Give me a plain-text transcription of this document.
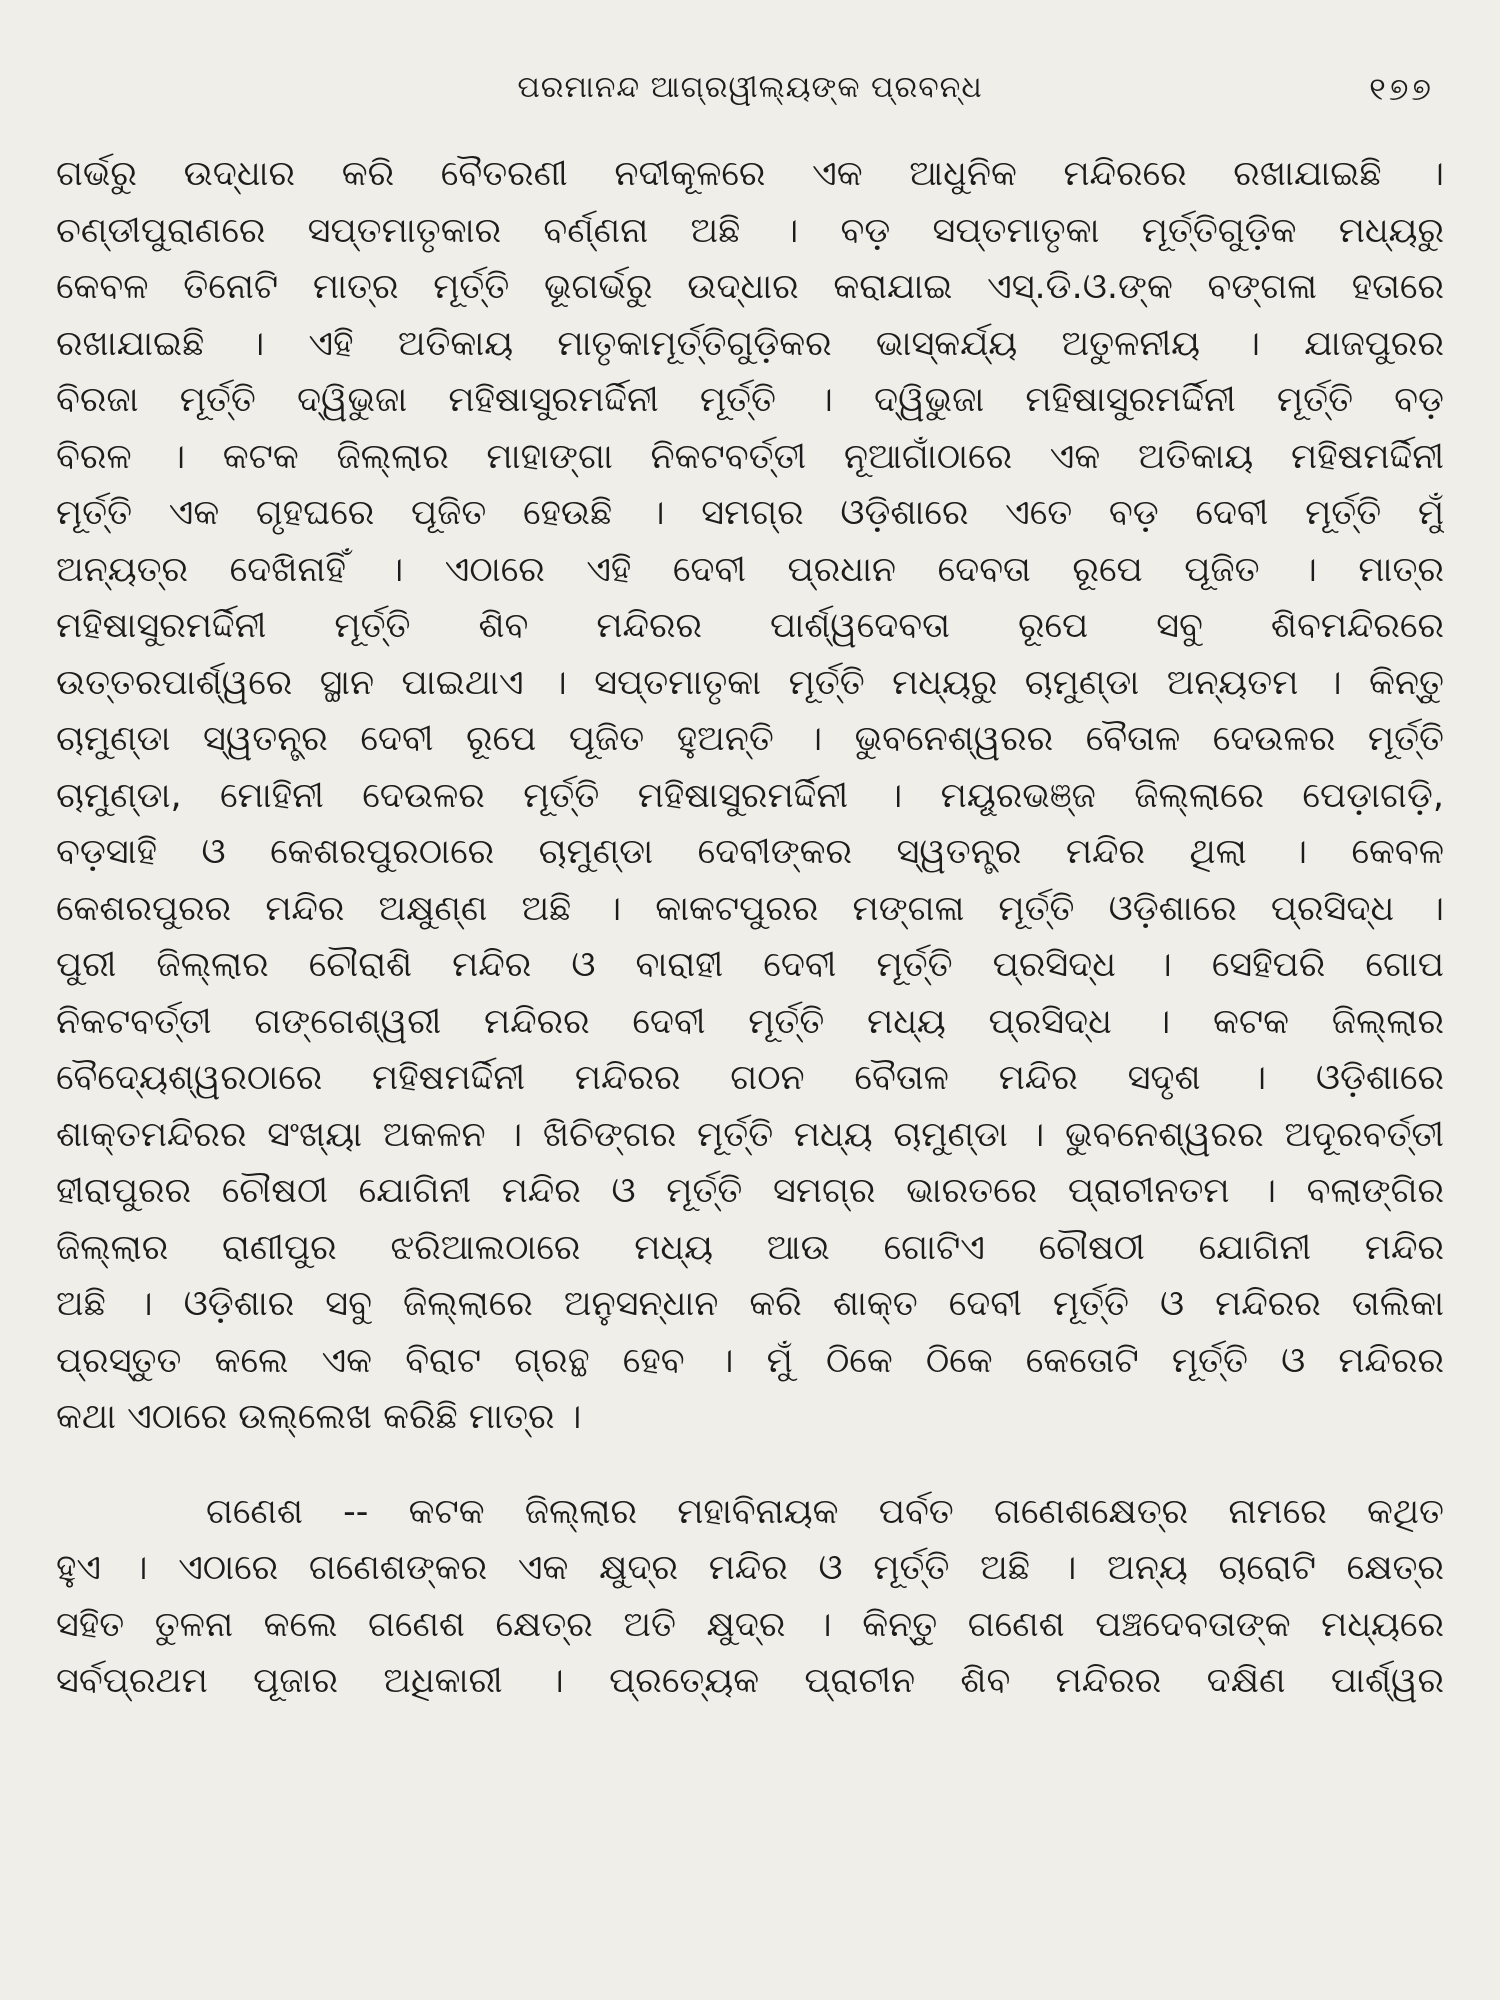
ପରମାନନ୍ଦ ଆଗ୍ରୱୀଲ୍ୟଙ୍କ ପ୍ରବନ୍ଧ	୧୭୭
ଗର୍ଭରୁ ଉଦ୍ଧାର କରି ବୈତରଣୀ ନଦୀକୂଳରେ ଏକ ଆଧୁନିକ ମନ୍ଦିରରେ ରଖାଯାଇଛି ।
ଚଣ୍ଡୀପୁରାଣରେ ସପ୍ତମାତୃକାର ବର୍ଣ୍ଣନା ଅଛି । ବଡ଼ ସପ୍ତମାତୃକା ମୂର୍ତ୍ତିଗୁଡ଼ିକ ମଧ୍ୟରୁ
କେବଳ ତିନୋଟି ମାତ୍ର ମୂର୍ତ୍ତି ଭୂଗର୍ଭରୁ ଉଦ୍ଧାର କରାଯାଇ ଏସ୍.ଡି.ଓ.ଙ୍କ ବଙ୍ଗଳା ହତାରେ
ରଖାଯାଇଛି । ଏହି ଅତିକାୟ ମାତୃକାମୂର୍ତ୍ତିଗୁଡ଼ିକର ଭାସ୍କର୍ଯ୍ୟ ଅତୁଳନୀୟ । ଯାଜପୁରର
ବିରଜା ମୂର୍ତ୍ତି ଦ୍ୱିଭୁଜା ମହିଷାସୁରମର୍ଦ୍ଦିନୀ ମୂର୍ତ୍ତି । ଦ୍ୱିଭୁଜା ମହିଷାସୁରମର୍ଦ୍ଦିନୀ ମୂର୍ତ୍ତି ବଡ଼
ବିରଳ । କଟକ ଜିଲ୍ଲାର ମାହାଙ୍ଗା ନିକଟବର୍ତ୍ତୀ ନୂଆଗାଁଠାରେ ଏକ ଅତିକାୟ ମହିଷମର୍ଦ୍ଦିନୀ
ମୂର୍ତ୍ତି ଏକ ଗୃହଘରେ ପୂଜିତ ହେଉଛି । ସମଗ୍ର ଓଡ଼ିଶାରେ ଏତେ ବଡ଼ ଦେବୀ ମୂର୍ତ୍ତି ମୁଁ
ଅନ୍ୟତ୍ର ଦେଖିନାହିଁ । ଏଠାରେ ଏହି ଦେବୀ ପ୍ରଧାନ ଦେବତା ରୂପେ ପୂଜିତ । ମାତ୍ର
ମହିଷାସୁରମର୍ଦ୍ଦିନୀ ମୂର୍ତ୍ତି ଶିବ ମନ୍ଦିରର ପାର୍ଶ୍ୱଦେବତା ରୂପେ ସବୁ ଶିବମନ୍ଦିରରେ
ଉତ୍ତରପାର୍ଶ୍ୱରେ ସ୍ଥାନ ପାଇଥାଏ । ସପ୍ତମାତୃକା ମୂର୍ତ୍ତି ମଧ୍ୟରୁ ଚାମୁଣ୍ଡା ଅନ୍ୟତମ । କିନ୍ତୁ
ଚାମୁଣ୍ଡା ସ୍ୱତନ୍ତ୍ର ଦେବୀ ରୂପେ ପୂଜିତ ହୁଅନ୍ତି । ଭୁବନେଶ୍ୱରର ବୈତାଳ ଦେଉଳର ମୂର୍ତ୍ତି
ଚାମୁଣ୍ଡା, ମୋହିନୀ ଦେଉଳର ମୂର୍ତ୍ତି ମହିଷାସୁରମର୍ଦ୍ଦିନୀ । ମୟୂରଭଞ୍ଜ ଜିଲ୍ଲାରେ ପେଡ଼ାଗଡ଼ି,
ବଡ଼ସାହି ଓ କେଶରପୁରଠାରେ ଚାମୁଣ୍ଡା ଦେବୀଙ୍କର ସ୍ୱତନ୍ତ୍ର ମନ୍ଦିର ଥିଲା । କେବଳ
କେଶରପୁରର ମନ୍ଦିର ଅକ୍ଷୁଣ୍ଣ ଅଛି । କାକଟପୁରର ମଙ୍ଗଳା ମୂର୍ତ୍ତି ଓଡ଼ିଶାରେ ପ୍ରସିଦ୍ଧ ।
ପୁରୀ ଜିଲ୍ଲାର ଚୌରାଶି ମନ୍ଦିର ଓ ବାରାହୀ ଦେବୀ ମୂର୍ତ୍ତି ପ୍ରସିଦ୍ଧ । ସେହିପରି ଗୋପ
ନିକଟବର୍ତ୍ତୀ ଗଙ୍ଗେଶ୍ୱରୀ ମନ୍ଦିରର ଦେବୀ ମୂର୍ତ୍ତି ମଧ୍ୟ ପ୍ରସିଦ୍ଧ । କଟକ ଜିଲ୍ଲାର
ବୈଦ୍ୟେଶ୍ୱରଠାରେ ମହିଷମର୍ଦ୍ଦିନୀ ମନ୍ଦିରର ଗଠନ ବୈତାଳ ମନ୍ଦିର ସଦୃଶ । ଓଡ଼ିଶାରେ
ଶାକ୍ତମନ୍ଦିରର ସଂଖ୍ୟା ଅକଳନ । ଖିଚିଙ୍ଗର ମୂର୍ତ୍ତି ମଧ୍ୟ ଚାମୁଣ୍ଡା । ଭୁବନେଶ୍ୱରର ଅଦୂରବର୍ତ୍ତୀ
ହୀରାପୁରର ଚୌଷଠୀ ଯୋଗିନୀ ମନ୍ଦିର ଓ ମୂର୍ତ୍ତି ସମଗ୍ର ଭାରତରେ ପ୍ରାଚୀନତମ । ବଲାଙ୍ଗିର
ଜିଲ୍ଲାର ରାଣୀପୁର ଝରିଆଲଠାରେ ମଧ୍ୟ ଆଉ ଗୋଟିଏ ଚୌଷଠୀ ଯୋଗିନୀ ମନ୍ଦିର
ଅଛି । ଓଡ଼ିଶାର ସବୁ ଜିଲ୍ଲାରେ ଅନୁସନ୍ଧାନ କରି ଶାକ୍ତ ଦେବୀ ମୂର୍ତ୍ତି ଓ ମନ୍ଦିରର ତାଲିକା
ପ୍ରସ୍ତୁତ କଲେ ଏକ ବିରାଟ ଗ୍ରନ୍ଥ ହେବ । ମୁଁ ଠିକେ ଠିକେ କେତୋଟି ମୂର୍ତ୍ତି ଓ ମନ୍ଦିରର
କଥା ଏଠାରେ ଉଲ୍ଲେଖ କରିଛି ମାତ୍ର ।
ଗଣେଶ -- କଟକ ଜିଲ୍ଲାର ମହାବିନାୟକ ପର୍ବତ ଗଣେଶକ୍ଷେତ୍ର ନାମରେ କଥିତ
ହୁଏ । ଏଠାରେ ଗଣେଶଙ୍କର ଏକ କ୍ଷୁଦ୍ର ମନ୍ଦିର ଓ ମୂର୍ତ୍ତି ଅଛି । ଅନ୍ୟ ଚାରୋଟି କ୍ଷେତ୍ର
ସହିତ ତୁଳନା କଲେ ଗଣେଶ କ୍ଷେତ୍ର ଅତି କ୍ଷୁଦ୍ର । କିନ୍ତୁ ଗଣେଶ ପଞ୍ଚଦେବତାଙ୍କ ମଧ୍ୟରେ
ସର୍ବପ୍ରଥମ ପୂଜାର ଅଧିକାରୀ । ପ୍ରତ୍ୟେକ ପ୍ରାଚୀନ ଶିବ ମନ୍ଦିରର ଦକ୍ଷିଣ ପାର୍ଶ୍ୱର
